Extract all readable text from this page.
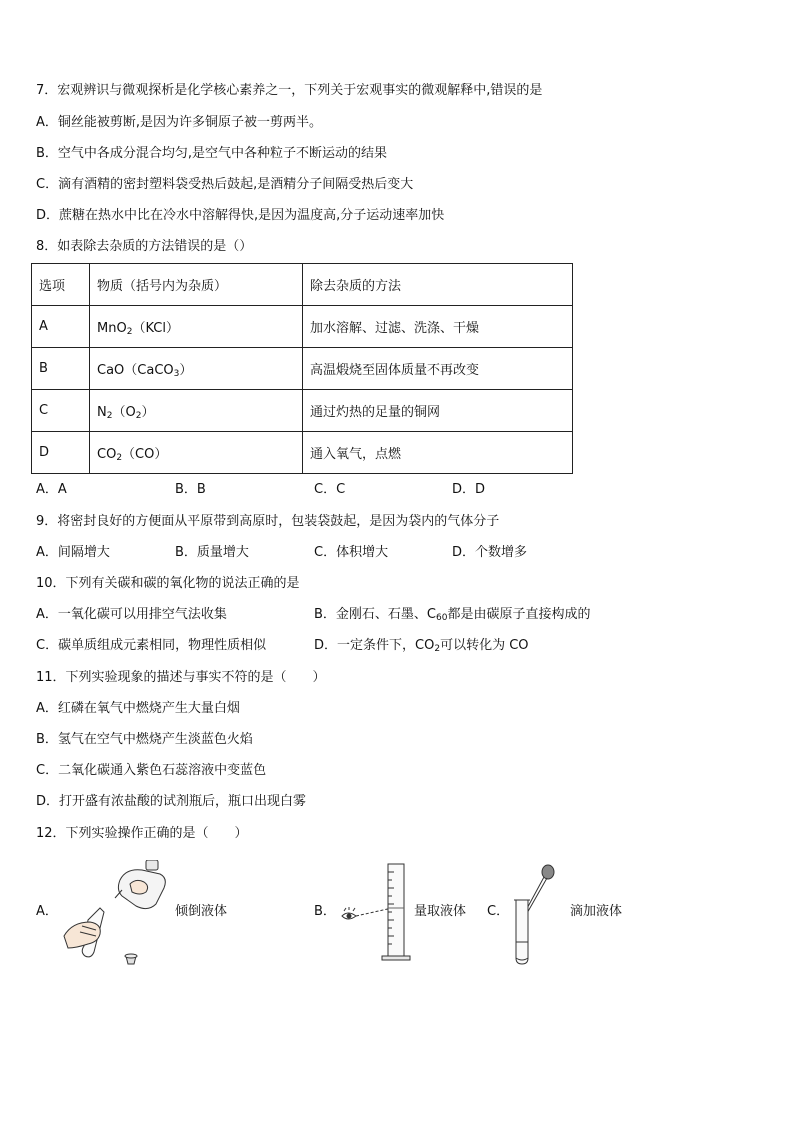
7．宏观辨识与微观探析是化学核心素养之一，下列关于宏观事实的微观解释中,错误的是
A．铜丝能被剪断,是因为许多铜原子被一剪两半。
B．空气中各成分混合均匀,是空气中各种粒子不断运动的结果
C．滴有酒精的密封塑料袋受热后鼓起,是酒精分子间隔受热后变大
D．蔗糖在热水中比在冷水中溶解得快,是因为温度高,分子运动速率加快
8．如表除去杂质的方法错误的是（）
选项	物质（括号内为杂质）	除去杂质的方法
A	MnO$_2$（KCl）	加水溶解、过滤、洗涤、干燥
B	CaO（CaCO$_3$）	高温煅烧至固体质量不再改变
C	$N_2(O_2)$	通过灼热的足量的铜网
D	$CO_2(CO)$	通入氧气，点燃
A．A	B．B	C．C	D．D
9．将密封良好的方便面从平原带到高原时，包装袋鼓起，是因为袋内的气体分子
A．间隔增大	B．质量增大	C．体积增大	D．个数增多
10．下列有关碳和碳的氧化物的说法正确的是
A．一氧化碳可以用排空气法收集	B．金刚石、石墨、$C_{60}$都是由碳原子直接构成的
C．碳单质组成元素相同，物理性质相似	D．一定条件下，$CO_2$可以转化为 CO
11．下列实验现象的描述与事实不符的是（　　）
A．红磷在氧气中燃烧产生大量白烟
B．氢气在空气中燃烧产生淡蓝色火焰
C．二氧化碳通入紫色石蕊溶液中变蓝色
D．打开盛有浓盐酸的试剂瓶后，瓶口出现白雾
12．下列实验操作正确的是（　　）
A．	倾倒液体	B．	量取液体 C．	滴加液体
